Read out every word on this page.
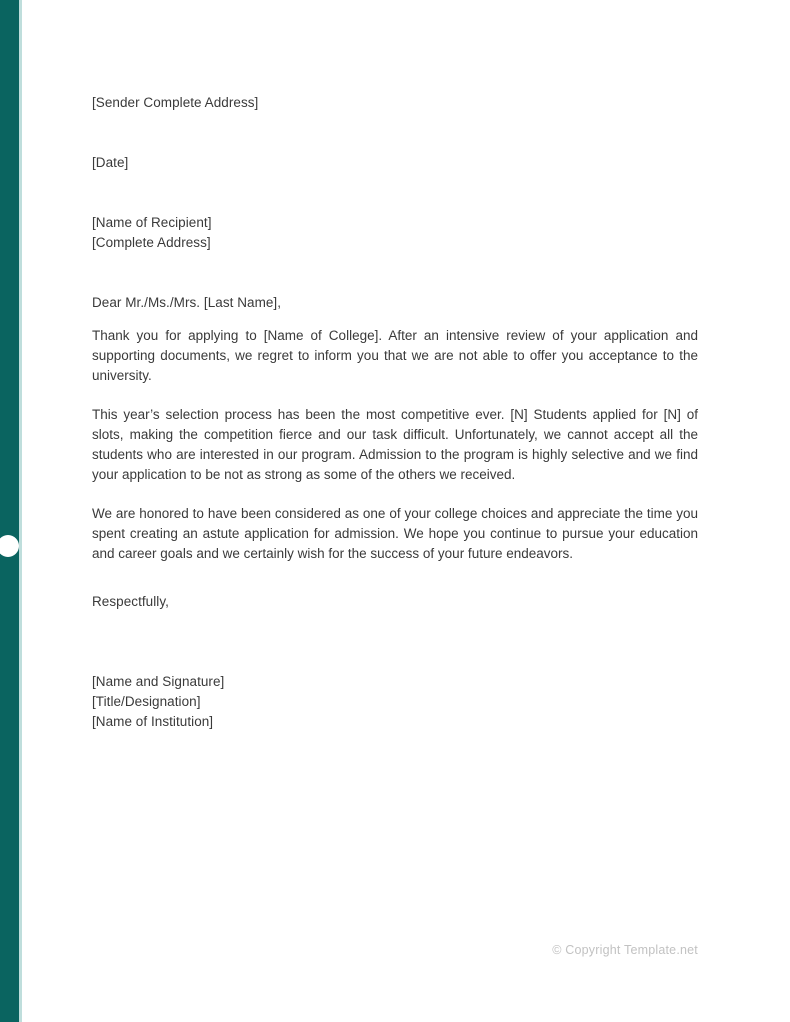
[Sender Complete Address]
[Date]
[Name of Recipient]
[Complete Address]
Dear Mr./Ms./Mrs. [Last Name],

Thank you for applying to [Name of College]. After an intensive review of your application and supporting documents, we regret to inform you that we are not able to offer you acceptance to the university.

This year’s selection process has been the most competitive ever. [N] Students applied for [N] of slots, making the competition fierce and our task difficult. Unfortunately, we cannot accept all the students who are interested in our program. Admission to the program is highly selective and we find your application to be not as strong as some of the others we received.

We are honored to have been considered as one of your college choices and appreciate the time you spent creating an astute application for admission. We hope you continue to pursue your education and career goals and we certainly wish for the success of your future endeavors.

Respectfully,
[Name and Signature]
[Title/Designation]
[Name of Institution]
© Copyright Template.net
